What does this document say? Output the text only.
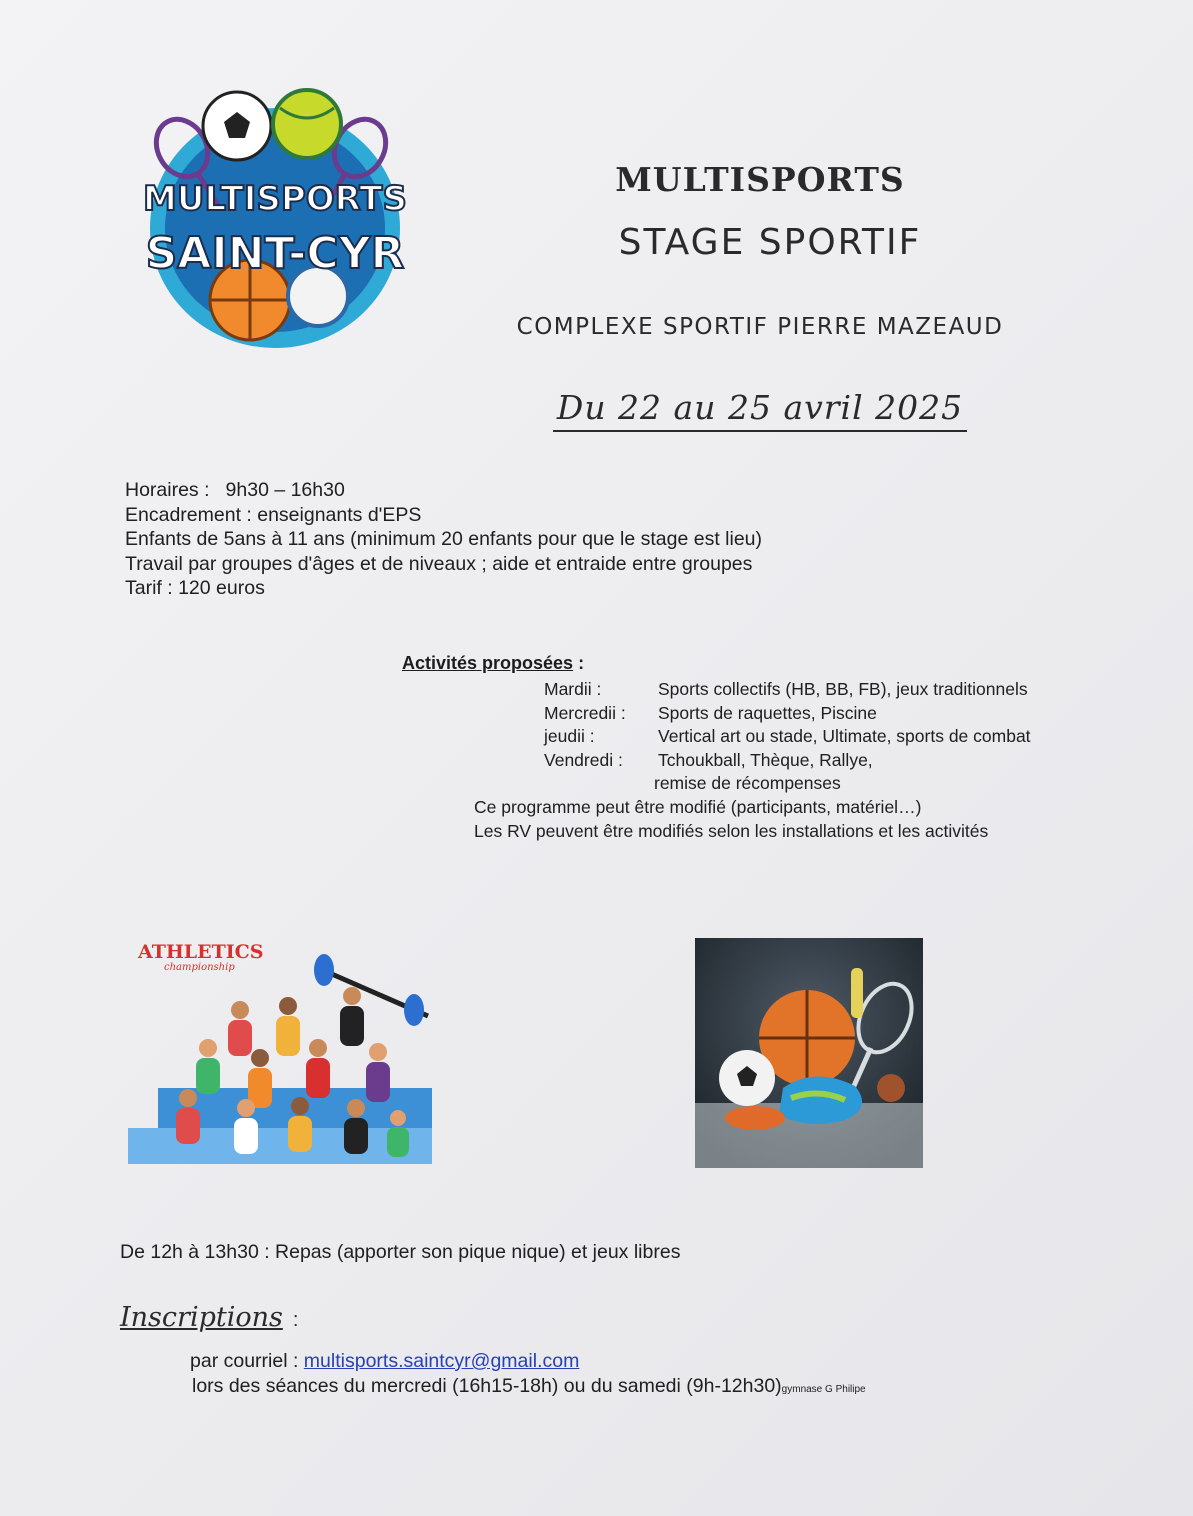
MULTISPORTS
SAINT-CYR
MULTISPORTS
STAGE SPORTIF
COMPLEXE SPORTIF PIERRE MAZEAUD
Du 22 au 25 avril 2025
Horaires : 9h30 – 16h30
Encadrement : enseignants d'EPS
Enfants de 5ans à 11 ans (minimum 20 enfants pour que le stage est lieu)
Travail par groupes d'âges et de niveaux ; aide et entraide entre groupes
Tarif : 120 euros
Activités proposées :
Mardii :	Sports collectifs (HB, BB, FB), jeux traditionnels
Mercredii : Sports de raquettes, Piscine
jeudii :	Vertical art ou stade, Ultimate, sports de combat
Vendredi : Tchoukball, Thèque, Rallye,
remise de récompenses
Ce programme peut être modifié (participants, matériel…)
Les RV peuvent être modifiés selon les installations et les activités
ATHLETICS
championship
De 12h à 13h30 : Repas (apporter son pique nique) et jeux libres
Inscriptions :
par courriel : multisports.saintcyr@gmail.com
lors des séances du mercredi (16h15-18h) ou du samedi (9h-12h30)gymnase G Philipe
